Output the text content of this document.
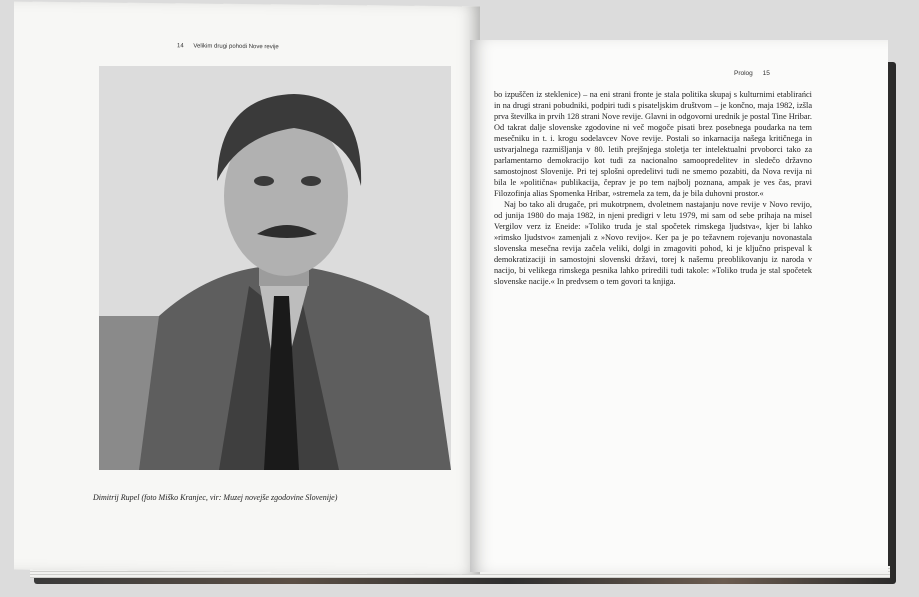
14 Velikim drugi pohodi Nove revije
Dimitrij Rupel (foto Miško Kranjec, vir: Muzej novejše zgodovine Slovenije)
Prolog 15

bo izpuščen iz steklenice) – na eni strani fronte je stala politika skupaj s kulturnimi etablirańci in na drugi strani pobudniki, podpiri tudi s pisateljskim društvom – je končno, maja 1982, izšla prva številka in prvih 128 strani Nove revije. Glavni in odgovorni urednik je postal Tine Hribar. Od takrat dalje slovenske zgodovine ni več mogoče pisati brez posebnega poudarka na tem mesečniku in t. i. krogu sodelavcev Nove revije. Postali so inkarnacija našega kritičnega in ustvarjalnega razmišljanja v 80. letih prejšnjega stoletja ter intelektualni prvoborci tako za parlamentarno demokracijo kot tudi za nacionalno samoopredelitev in sledečo državno samostojnost Slovenije. Pri tej splošni opredelitvi tudi ne smemo pozabiti, da Nova revija ni bila le »politična« publikacija, čeprav je po tem najbolj poznana, ampak je ves čas, pravi Filozofinja alias Spomenka Hribar, »stremela za tem, da je bila duhovni prostor.«

Naj bo tako ali drugače, pri mukotrpnem, dvoletnem nastajanju nove revije v Novo revijo, od junija 1980 do maja 1982, in njeni predigri v letu 1979, mi sam od sebe prihaja na misel Vergilov verz iz Eneide: »Toliko truda je stal spočetek rimskega ljudstva«, kjer bi lahko »rimsko ljudstvo« zamenjali z »Novo revijo«. Ker pa je po težavnem rojevanju novonastala slovenska mesečna revija začela veliki, dolgi in zmagoviti pohod, ki je ključno prispeval k demokratizaciji in samostojni slovenski državi, torej k našemu preoblikovanju iz naroda v nacijo, bi velikega rimskega pesnika lahko priredili tudi takole: »Toliko truda je stal spočetek slovenske nacije.« In predvsem o tem govori ta knjiga.
